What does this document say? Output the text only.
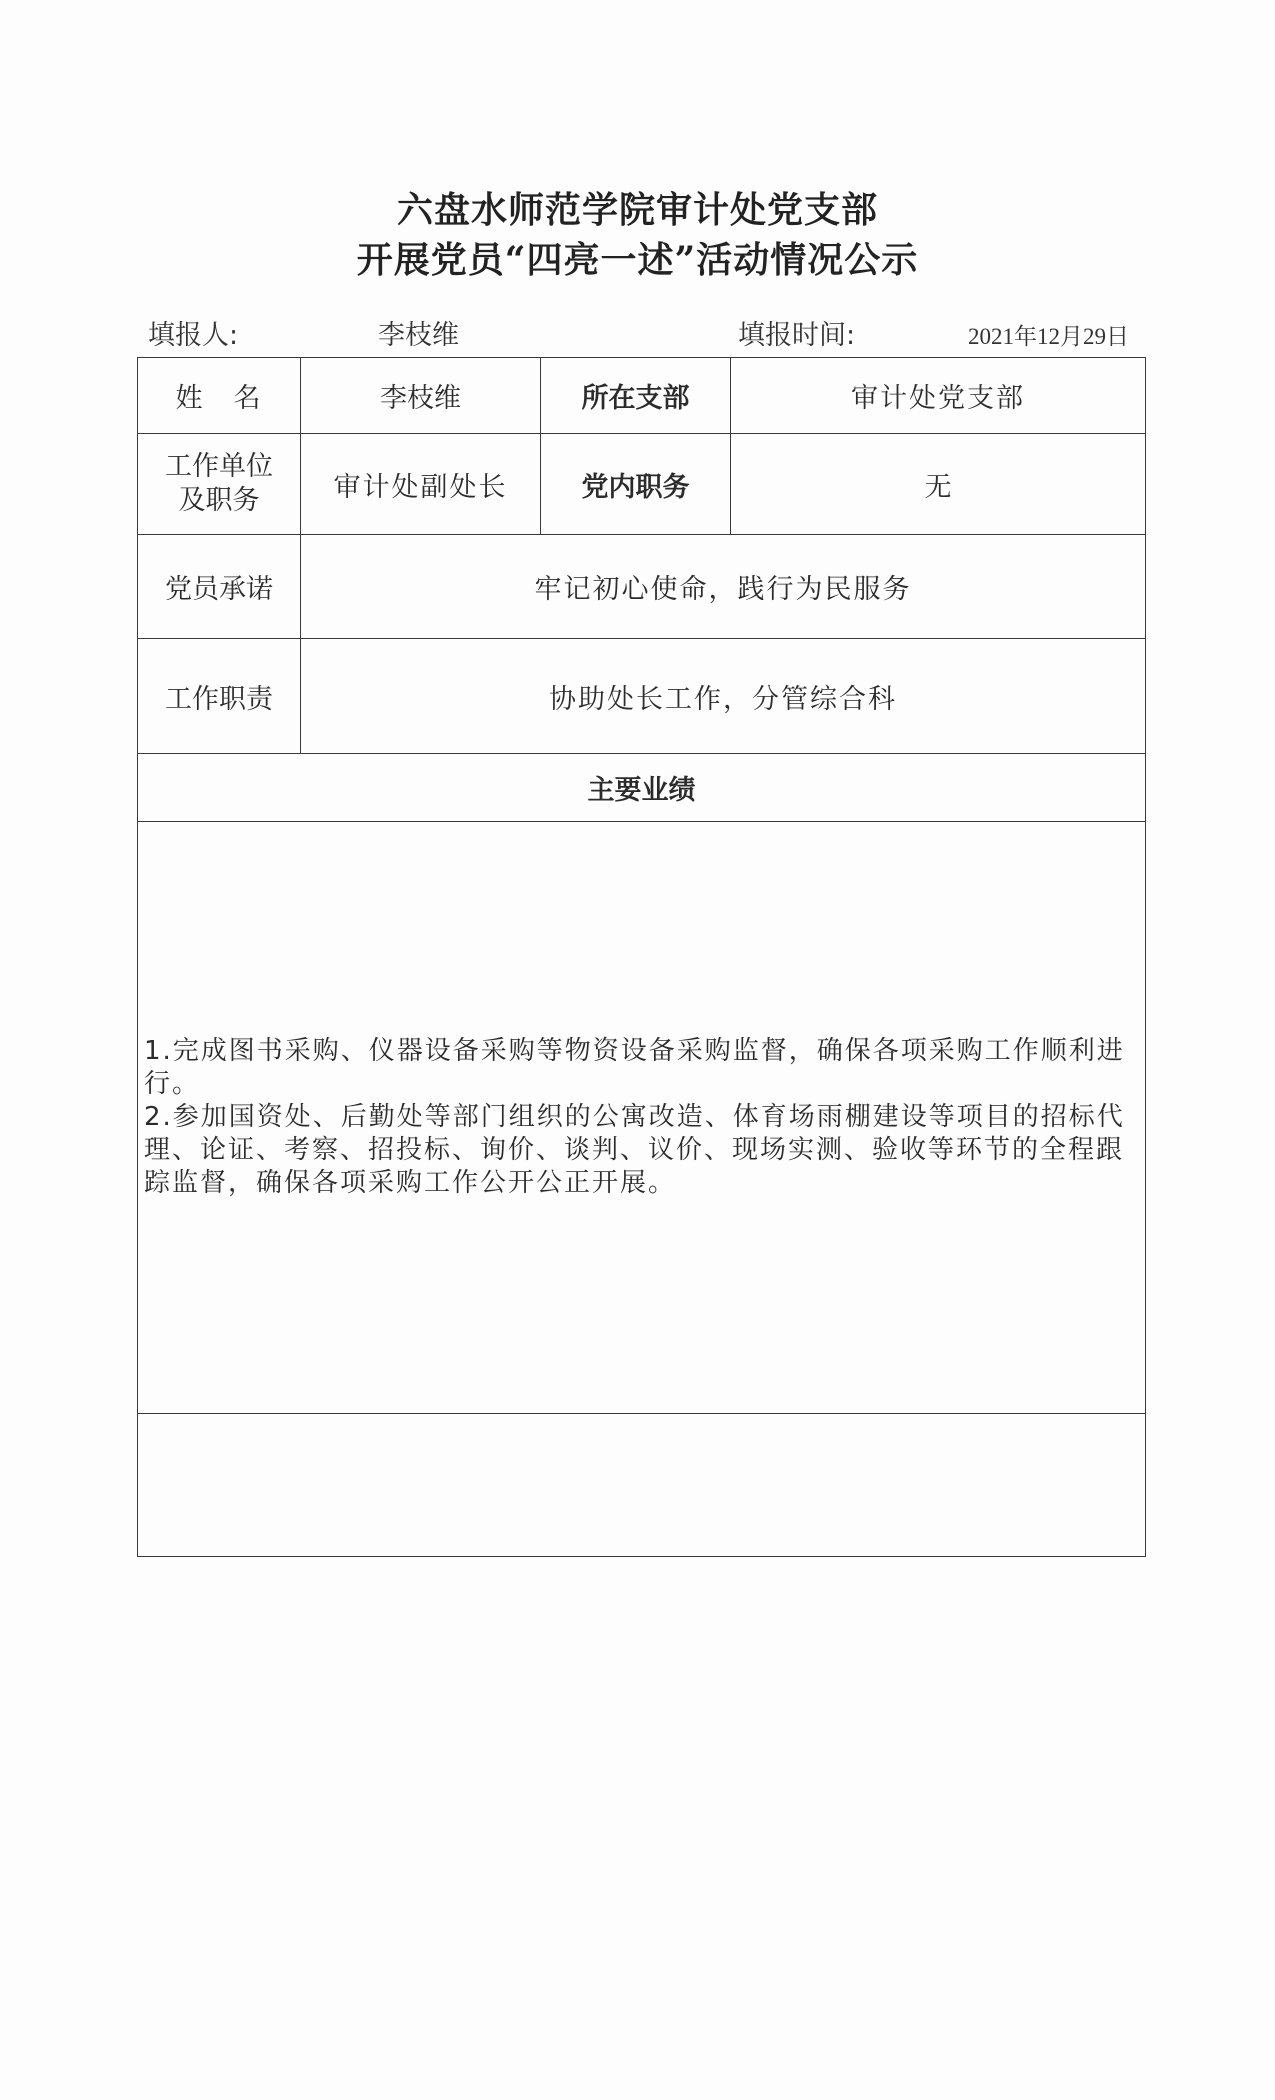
六盘水师范学院审计处党支部
开展党员“四亮一述”活动情况公示
填报人:	李枝维	填报时间:	2021年12月29日
姓　名	李枝维	所在支部	审计处党支部
工作单位及职务	审计处副处长	党内职务	无
党员承诺	牢记初心使命，践行为民服务		
工作职责	协助处长工作，分管综合科		
主要业绩			

1.完成图书采购、仪器设备采购等物资设备采购监督，确保各项采购工作顺利进行。
2.参加国资处、后勤处等部门组织的公寓改造、体育场雨棚建设等项目的招标代理、论证、考察、招投标、询价、谈判、议价、现场实测、验收等环节的全程跟踪监督，确保各项采购工作公开公正开展。			
